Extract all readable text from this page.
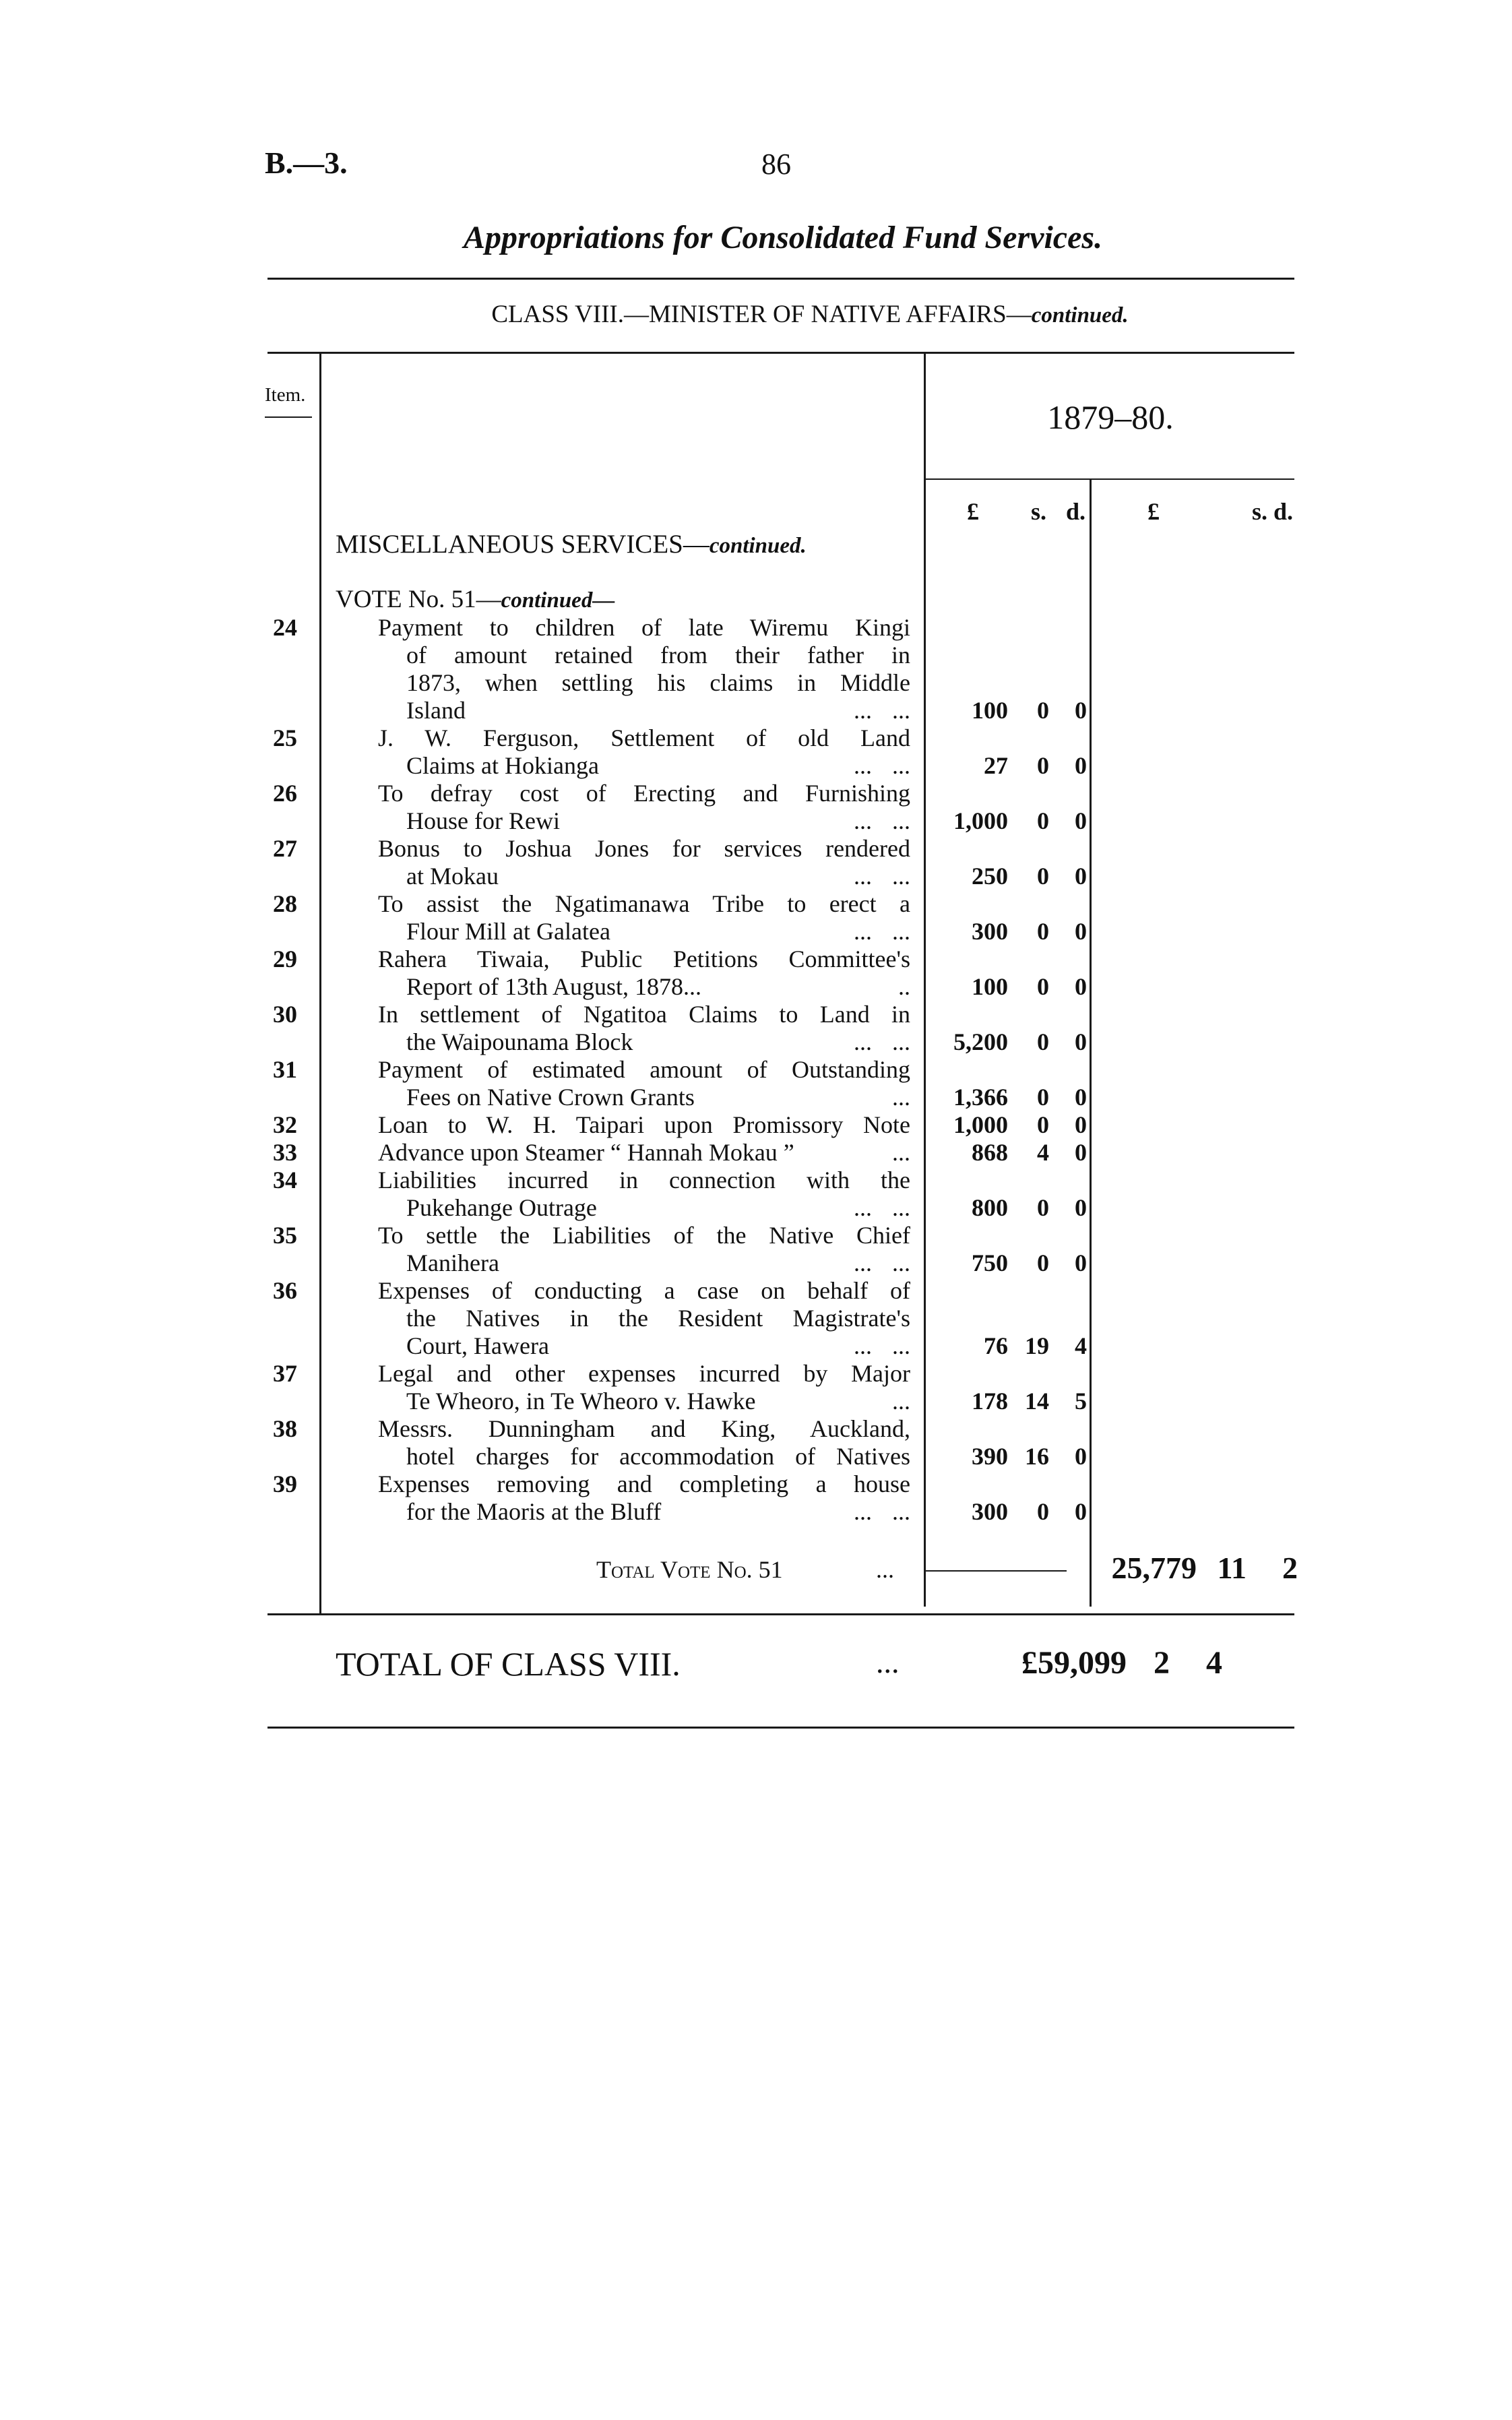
B.—3.	86
Appropriations for Consolidated Fund Services.
CLASS VIII.—MINISTER OF NATIVE AFFAIRS—continued.
Item.
1879–80.
£ s. d.	£	s. d.
MISCELLANEOUS SERVICES—continued.
VOTE No. 51—continued—
24	Payment to children of late Wiremu Kingi
of amount retained from their father in
1873, when settling his claims in Middle
Island	... ...	100	0	0
25	J. W. Ferguson, Settlement of old Land
Claims at Hokianga	... ...	27	0	0
26	To defray cost of Erecting and Furnishing
House for Rewi	... ...	1,000	0	0
27	Bonus to Joshua Jones for services rendered
at Mokau	... ...	250	0	0
28	To assist the Ngatimanawa Tribe to erect a
Flour Mill at Galatea	... ...	300	0	0
29	Rahera Tiwaia, Public Petitions Committee's
Report of 13th August, 1878...	..	100	0	0
30	In settlement of Ngatitoa Claims to Land in
the Waipounama Block	... ...	5,200	0	0
31	Payment of estimated amount of Outstanding
Fees on Native Crown Grants	...	1,366	0	0
32	Loan to W. H. Taipari upon Promissory Note	1,000	0	0
33	Advance upon Steamer “ Hannah Mokau ”	...	868	4	0
34	Liabilities incurred in connection with the
Pukehange Outrage	... ...	800	0	0
35	To settle the Liabilities of the Native Chief
Manihera	... ...	750	0	0
36	Expenses of conducting a case on behalf of
the Natives in the Resident Magistrate's
Court, Hawera	... ...	76 19	4
37	Legal and other expenses incurred by Major
Te Wheoro, in Te Wheoro v. Hawke	...	178 14	5
38	Messrs. Dunningham and King, Auckland,
hotel charges for accommodation of Natives	390 16	0
39	Expenses removing and completing a house
for the Maoris at the Bluff	... ...	300	0	0
Total Vote No. 51	...	25,779 11	2
TOTAL OF CLASS VIII.	...	£59,099 2 4
